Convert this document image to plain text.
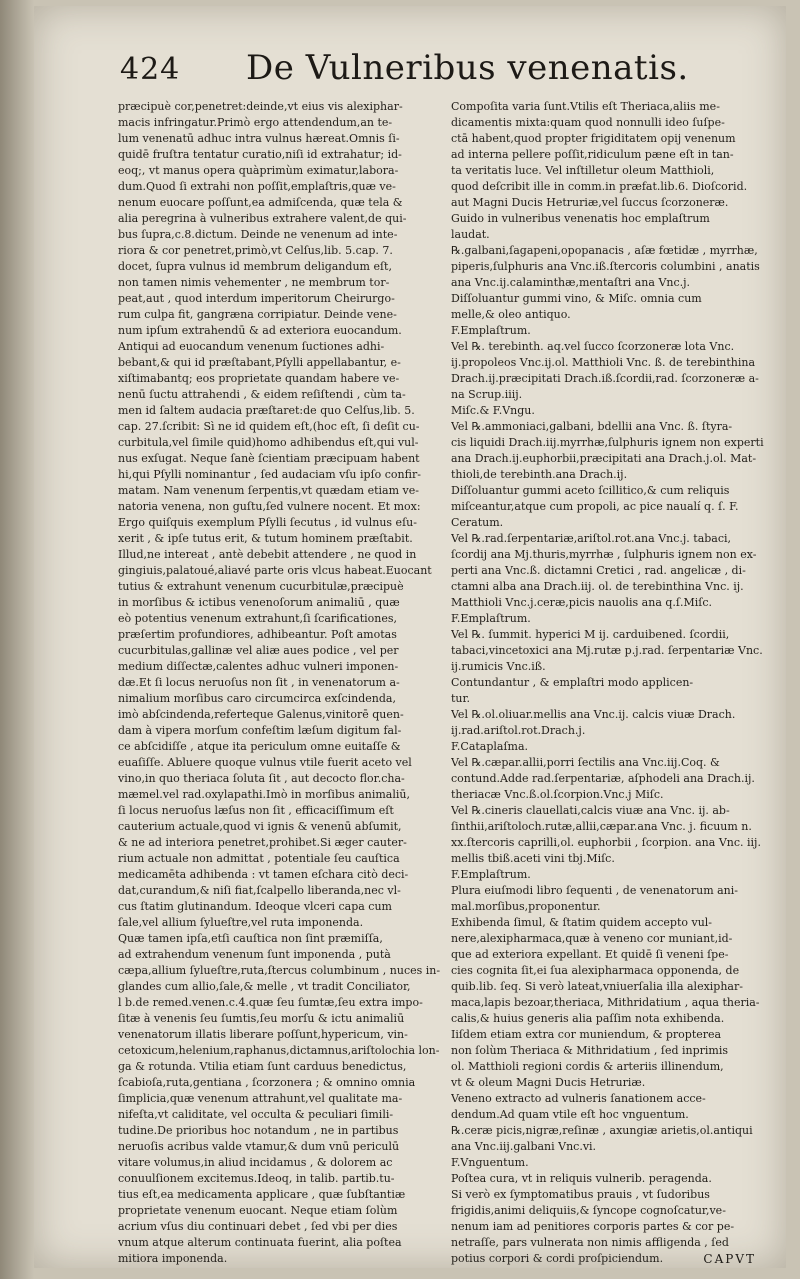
424 De Vulneribus venenatis.
præcipuè cor,penetret:deinde,vt eius vis alexiphar-
macis infringatur.Primò ergo attendendum,an te-
lum venenatū adhuc intra vulnus hæreat.Omnis ſi-
quidē fruſtra tentatur curatio,niſi id extrahatur; id-
eoq;, vt manus opera quàprimùm eximatur,labora-
dum.Quod ſi extrahi non poſſit,emplaſtris,quæ ve-
nenum euocare poſſunt,ea admiſcenda, quæ tela &
alia peregrina à vulneribus extrahere valent,de qui-
bus ſupra,c.8.dictum. Deinde ne venenum ad inte-
riora & cor penetret,primò,vt Celſus,lib. 5.cap. 7.
docet, ſupra vulnus id membrum deligandum eſt,
non tamen nimis vehementer , ne membrum tor-
peat,aut , quod interdum imperitorum Cheirurgo-
rum culpa fit, gangræna corripiatur. Deinde vene-
num ipſum extrahendū & ad exteriora euocandum.
Antiqui ad euocandum venenum ſuctiones adhi-
bebant,& qui id præſtabant,Pſylli appellabantur, e-
xiſtimabantq; eos proprietate quandam habere ve-
nenū ſuctu attrahendi , & eidem reſiſtendi , cùm ta-
men id ſaltem audacia præſtaret:de quo Celſus,lib. 5.
cap. 27.ſcribit: Sì ne id quidem eſt,(hoc eſt, ſi deſit cu-
curbitula,vel ſimile quid)homo adhibendus eſt,qui vul-
nus exſugat. Neque ſanè ſcientiam præcipuam habent
hi,qui Pſylli nominantur , ſed audaciam vſu ipſo confir-
matam. Nam venenum ſerpentis,vt quædam etiam ve-
natoria venena, non guſtu,ſed vulnere nocent. Et mox:
Ergo quiſquis exemplum Pſylli ſecutus , id vulnus eſu-
xerit , & ipſe tutus erit, & tutum hominem præſtabit.
Illud,ne intereat , antè debebit attendere , ne quod in
gingiuis,palatoué,aliavé parte oris vlcus habeat.Euocant
tutius & extrahunt venenum cucurbitulæ,præcipuè
in morſibus & ictibus venenoſorum animaliū , quæ
eò potentius venenum extrahunt,ſi ſcarificationes,
præſertim profundiores, adhibeantur. Poſt amotas
cucurbitulas,gallinæ vel aliæ aues podice , vel per
medium diſſectæ,calentes adhuc vulneri imponen-
dæ.Et ſi locus neruoſus non ſit , in venenatorum a-
nimalium morſibus caro circumcirca exſcindenda,
imò abſcindenda,referteque Galenus,vinitorē quen-
dam à vipera morſum confeſtim læſum digitum fal-
ce abſcidiſſe , atque ita periculum omne euitaſſe &
euaſiſſe. Abluere quoque vulnus vtile fuerit aceto vel
vino,in quo theriaca ſoluta ſit , aut decocto flor.cha-
mæmel.vel rad.oxylapathi.Imò in morſibus animaliū,
ſi locus neruoſus læſus non ſit , efficaciſſimum eſt
cauterium actuale,quod vi ignis & venenū abſumit,
& ne ad interiora penetret,prohibet.Si æger cauter-
rium actuale non admittat , potentiale ſeu cauſtica
medicamēta adhibenda : vt tamen eſchara citò deci-
dat,curandum,& niſi fiat,ſcalpello liberanda,nec vl-
cus ſtatim glutinandum. Ideoque vlceri capa cum
ſale,vel allium ſylueſtre,vel ruta imponenda.
Quæ tamen ipſa,etſi cauſtica non ſint præmiſſa,
ad extrahendum venenum ſunt imponenda , putà
cæpa,allium ſylueſtre,ruta,ſtercus columbinum , nuces in-
glandes cum allio,ſale,& melle , vt tradit Conciliator,
l b.de remed.venen.c.4.quæ ſeu ſumtæ,ſeu extra impo-
ſitæ à venenis ſeu ſumtis,ſeu morſu & ictu animaliū
venenatorum illatis liberare poſſunt,hypericum, vin-
cetoxicum,helenium,raphanus,dictamnus,ariſtolochia lon-
ga & rotunda. Vtilia etiam ſunt carduus benedictus,
ſcabioſa,ruta,gentiana , ſcorzonera ; & omnino omnia
ſimplicia,quæ venenum attrahunt,vel qualitate ma-
nifeſta,vt caliditate, vel occulta & peculiari ſimili-
tudine.De prioribus hoc notandum , ne in partibus
neruoſis acribus valde vtamur,& dum vnū periculū
vitare volumus,in aliud incidamus , & dolorem ac
conuulſionem excitemus.Ideoq, in talib. partib.tu-
tius eſt,ea medicamenta applicare , quæ ſubſtantiæ
proprietate venenum euocant. Neque etiam ſolùm
acrium vſus diu continuari debet , ſed vbi per dies
vnum atque alterum continuata fuerint, alia poſtea
mitiora imponenda.
Compoſita varia ſunt.Vtilis eſt Theriaca,aliis me-
dicamentis mixta:quam quod nonnulli ideo ſuſpe-
ctā habent,quod propter frigiditatem opij venenum
ad interna pellere poſſit,ridiculum pæne eſt in tan-
ta veritatis luce. Vel inſtilletur oleum Matthioli,
quod deſcribit ille in comm.in præfat.lib.6. Dioſcorid.
aut Magni Ducis Hetruriæ,vel ſuccus ſcorzoneræ.
Guido in vulneribus venenatis hoc emplaſtrum
laudat.
℞.galbani,ſagapeni,opopanacis , aſæ fœtidæ , myrrhæ,
piperis,ſulphuris ana Vnc.iß.ſtercoris columbini , anatis
ana Vnc.ij.calaminthæ,mentaſtri ana Vnc.j.
Diſſoluantur gummi vino, & Miſc. omnia cum
melle,& oleo antiquo.
F.Emplaſtrum.
Vel ℞. terebinth. aq.vel ſucco ſcorzoneræ lota Vnc.
ij.propoleos Vnc.ij.ol. Matthioli Vnc. ß. de terebinthina
Drach.ij.præcipitati Drach.iß.ſcordii,rad. ſcorzoneræ a-
na Scrup.iiij.
Miſc.& F.Vngu.
Vel ℞.ammoniaci,galbani, bdellii ana Vnc. ß. ſtyra-
cis liquidi Drach.iij.myrrhæ,ſulphuris ignem non experti
ana Drach.ij.euphorbii,præcipitati ana Drach.j.ol. Mat-
thioli,de terebinth.ana Drach.ij.
Diſſoluantur gummi aceto ſcillitico,& cum reliquis
miſceantur,atque cum propoli, ac pice naualí q. ſ. F.
Ceratum.
Vel ℞.rad.ſerpentariæ,ariſtol.rot.ana Vnc.j. tabaci,
ſcordij ana Mj.thuris,myrrhæ , ſulphuris ignem non ex-
perti ana Vnc.ß. dictamni Cretici , rad. angelicæ , di-
ctamni alba ana Drach.iij. ol. de terebinthina Vnc. ij.
Matthioli Vnc.j.ceræ,picis nauolis ana q.ſ.Miſc.
F.Emplaſtrum.
Vel ℞. ſummit. hyperici M ij. carduibened. ſcordii,
tabaci,vincetoxici ana Mj.rutæ p.j.rad. ſerpentariæ Vnc.
ij.rumicis Vnc.iß.
Contundantur , & emplaſtri modo applicen-
tur.
Vel ℞.ol.oliuar.mellis ana Vnc.ij. calcis viuæ Drach.
ij.rad.ariſtol.rot.Drach.j.
F.Cataplaſma.
Vel ℞.cæpar.allii,porri ſectilis ana Vnc.iij.Coq. &
contund.Adde rad.ſerpentariæ, aſphodeli ana Drach.ij.
theriacæ Vnc.ß.ol.ſcorpion.Vnc.j Miſc.
Vel ℞.cineris clauellati,calcis viuæ ana Vnc. ij. ab-
ſinthii,ariſtoloch.rutæ,allii,cæpar.ana Vnc. j. ficuum n.
xx.ſtercoris caprilli,ol. euphorbii , ſcorpion. ana Vnc. iij.
mellis tbiß.aceti vini tbj.Miſc.
F.Emplaſtrum.
Plura eiuſmodi libro ſequenti , de venenatorum ani-
mal.morſibus,proponentur.
Exhibenda ſimul, & ſtatim quidem accepto vul-
nere,alexipharmaca,quæ à veneno cor muniant,id-
que ad exteriora expellant. Et quidē ſi veneni ſpe-
cies cognita ſit,ei ſua alexipharmaca opponenda, de
quib.lib. ſeq. Si verò lateat,vniuerſalia illa alexiphar-
maca,lapis bezoar,theriaca, Mithridatium , aqua theria-
calis,& huius generis alia paſſim nota exhibenda.
Iiſdem etiam extra cor muniendum, & propterea
non ſolùm Theriaca & Mithridatium , ſed inprimis
ol. Matthioli regioni cordis & arteriis illinendum,
vt & oleum Magni Ducis Hetruriæ.
Veneno extracto ad vulneris ſanationem acce-
dendum.Ad quam vtile eſt hoc vnguentum.
℞.ceræ picis,nigræ,reſinæ , axungiæ arietis,ol.antiqui
ana Vnc.iij.galbani Vnc.vi.
F.Vnguentum.
Poſtea cura, vt in reliquis vulnerib. peragenda.
Si verò ex ſymptomatibus prauis , vt ſudoribus
frigidis,animi deliquiis,& ſyncope cognoſcatur,ve-
nenum iam ad penitiores corporis partes & cor pe-
netraſſe, pars vulnerata non nimis affligenda , ſed
potius corpori & cordi proſpiciendum.	CAPVT
